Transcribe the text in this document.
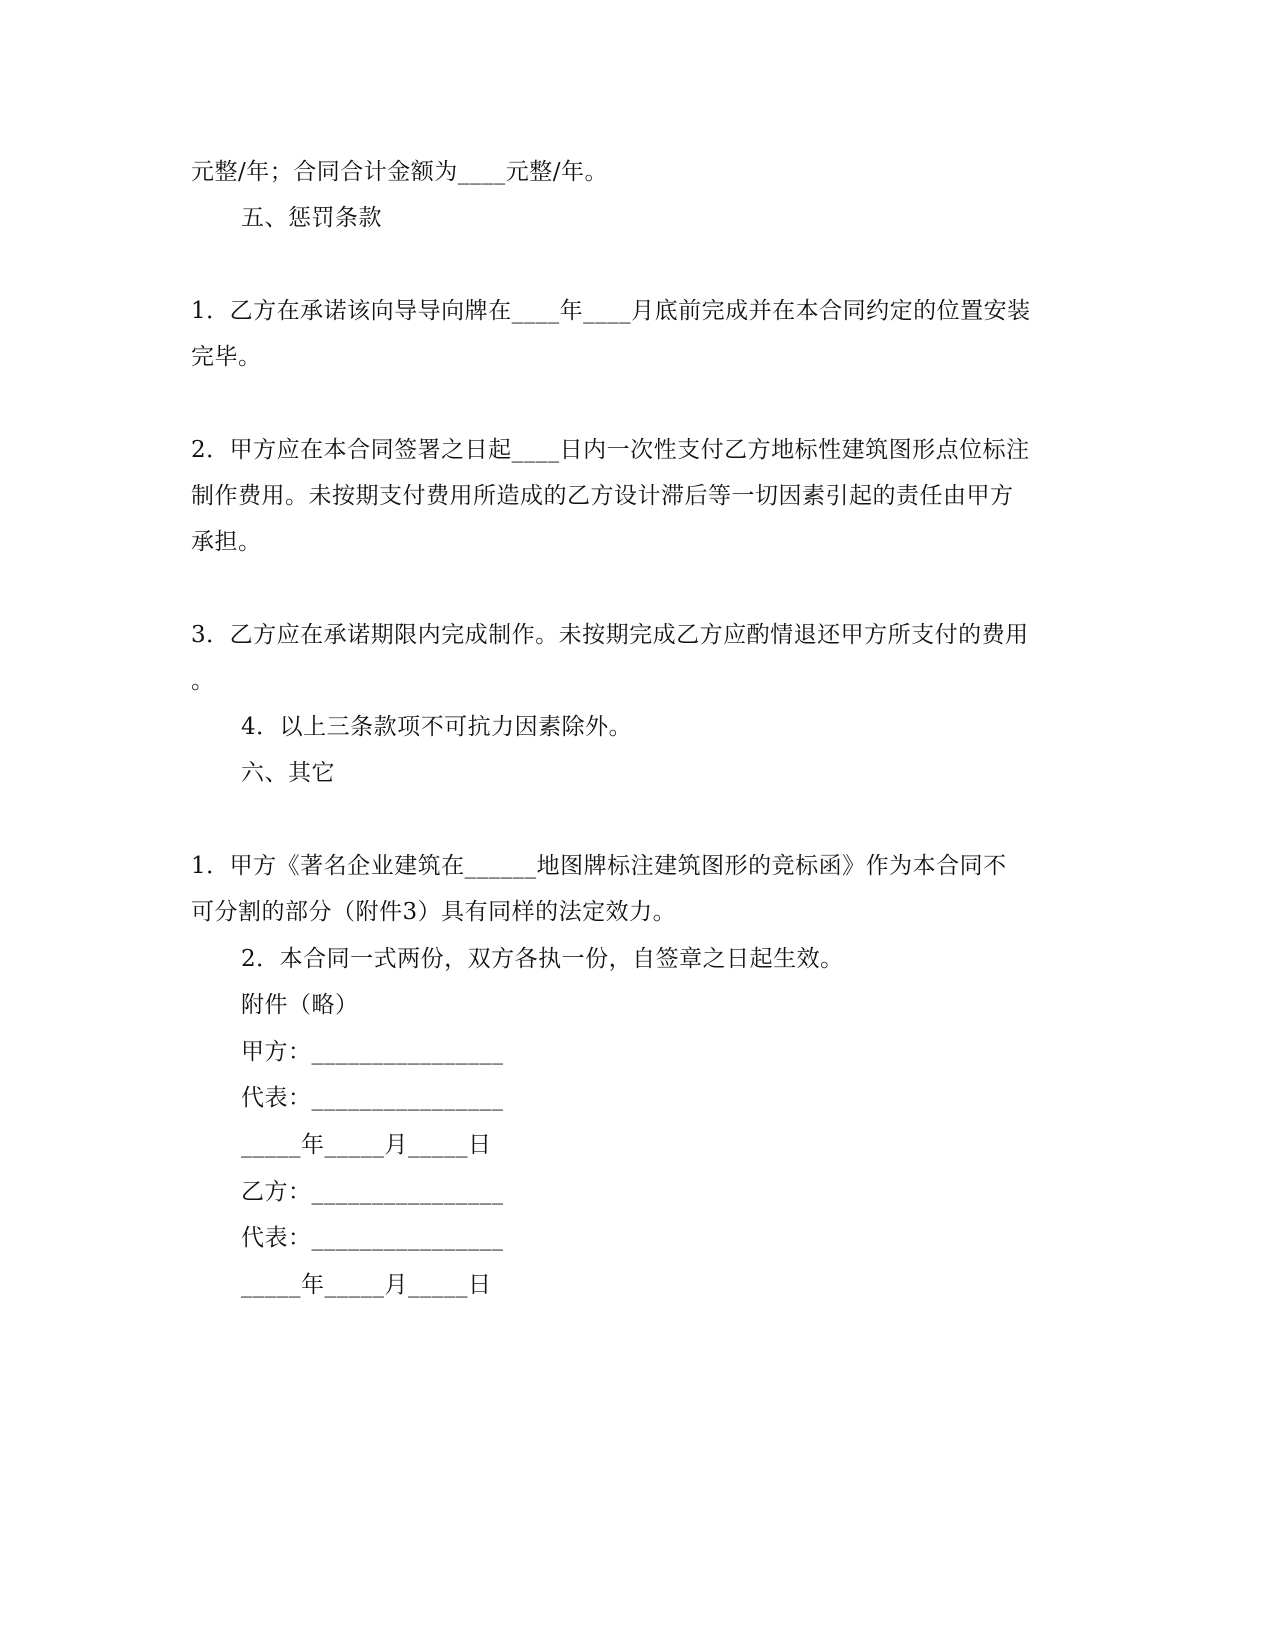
元整/年；合同合计金额为____元整/年。
五、惩罚条款
1．乙方在承诺该向导导向牌在____年____月底前完成并在本合同约定的位置安装
完毕。
2．甲方应在本合同签署之日起____日内一次性支付乙方地标性建筑图形点位标注
制作费用。未按期支付费用所造成的乙方设计滞后等一切因素引起的责任由甲方
承担。
3．乙方应在承诺期限内完成制作。未按期完成乙方应酌情退还甲方所支付的费用
。
4．以上三条款项不可抗力因素除外。
六、其它
1．甲方《著名企业建筑在______地图牌标注建筑图形的竞标函》作为本合同不
可分割的部分（附件3）具有同样的法定效力。
2．本合同一式两份，双方各执一份，自签章之日起生效。
附件（略）
甲方：________________
代表：________________
_____年_____月_____日
乙方：________________
代表：________________
_____年_____月_____日
